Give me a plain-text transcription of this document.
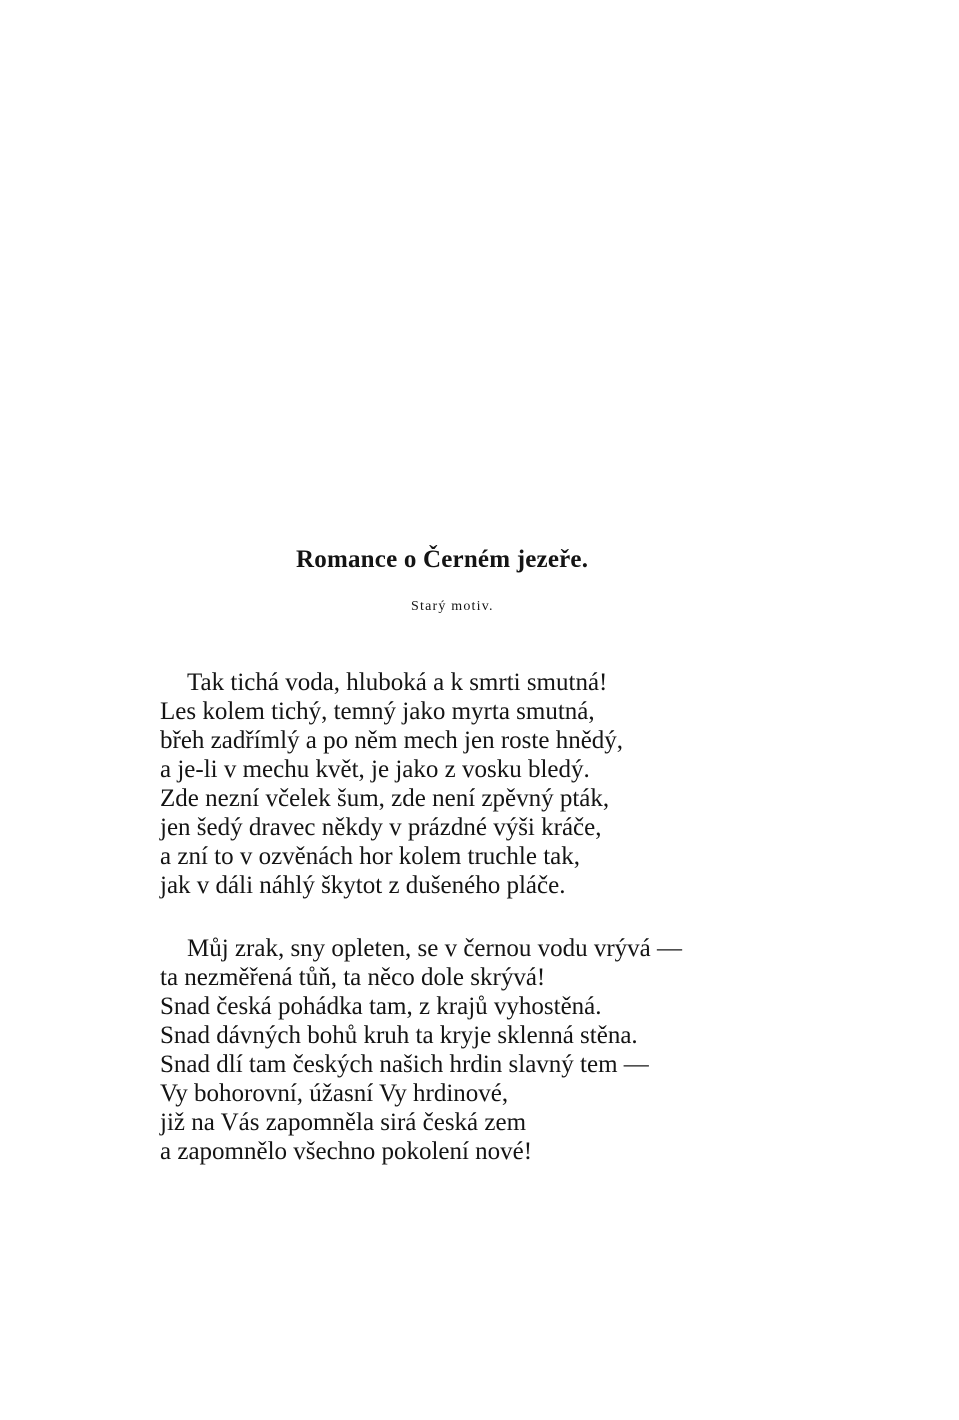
Romance o Černém jezeře.

Starý motiv.

Tak tichá voda, hluboká a k smrti smutná!
Les kolem tichý, temný jako myrta smutná,
břeh zadřímlý a po něm mech jen roste hnědý,
a je-li v mechu květ, je jako z vosku bledý.
Zde nezní včelek šum, zde není zpěvný pták,
jen šedý dravec někdy v prázdné výši kráče,
a zní to v ozvěnách hor kolem truchle tak,
jak v dáli náhlý škytot z dušeného pláče.
Můj zrak, sny opleten, se v černou vodu vrývá —
ta nezměřená tůň, ta něco dole skrývá!
Snad česká pohádka tam, z krajů vyhostěná.
Snad dávných bohů kruh ta kryje sklenná stěna.
Snad dlí tam českých našich hrdin slavný tem —
Vy bohorovní, úžasní Vy hrdinové,
již na Vás zapomněla sirá česká zem
a zapomnělo všechno pokolení nové!
